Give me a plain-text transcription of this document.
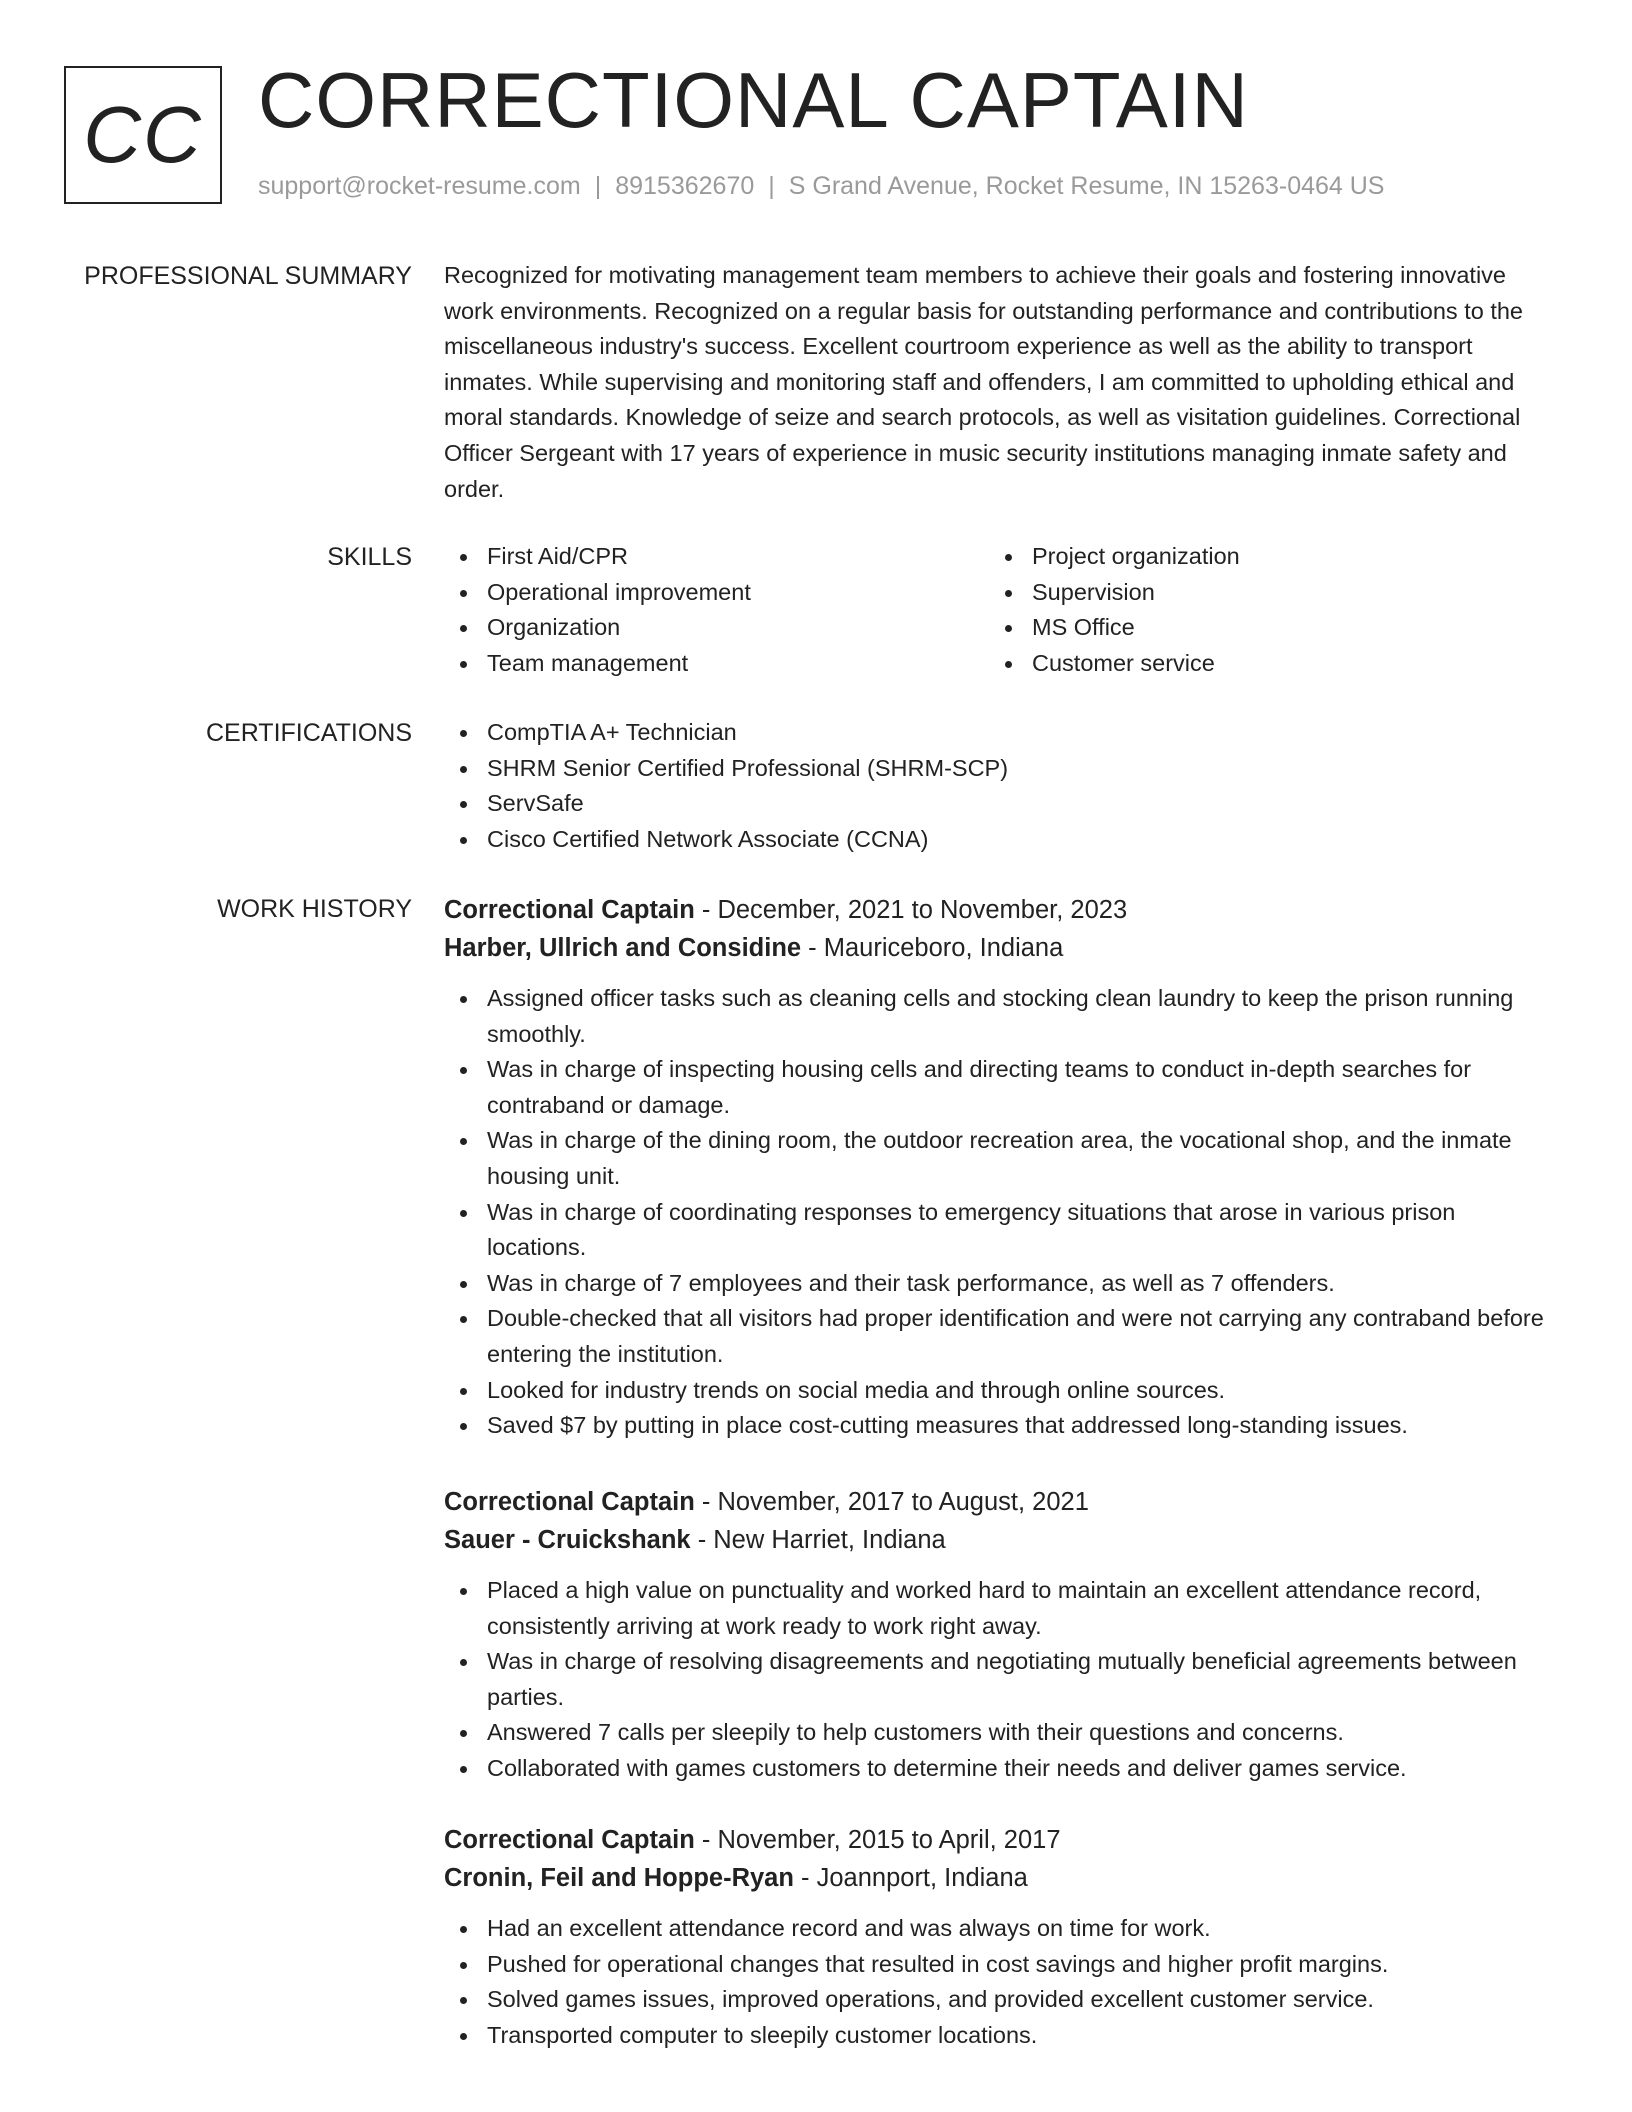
CC CORRECTIONAL CAPTAIN
support@rocket-resume.com | 8915362670 | S Grand Avenue, Rocket Resume, IN 15263-0464 US
PROFESSIONAL SUMMARY Recognized for motivating management team members to achieve their goals and fostering innovative work environments. Recognized on a regular basis for outstanding performance and contributions to the miscellaneous industry's success. Excellent courtroom experience as well as the ability to transport inmates. While supervising and monitoring staff and offenders, I am committed to upholding ethical and moral standards. Knowledge of seize and search protocols, as well as visitation guidelines. Correctional Officer Sergeant with 17 years of experience in music security institutions managing inmate safety and order.
SKILLS	First Aid/CPR
Operational improvement
Organization
Team management
Project organization
Supervision
MS Office
Customer service
CERTIFICATIONS	CompTIA A+ Technician
SHRM Senior Certified Professional (SHRM-SCP)
ServSafe
Cisco Certified Network Associate (CCNA)
WORK HISTORY Correctional Captain - December, 2021 to November, 2023
Harber, Ullrich and Considine - Mauriceboro, Indiana
Assigned officer tasks such as cleaning cells and stocking clean laundry to keep the prison running smoothly.
Was in charge of inspecting housing cells and directing teams to conduct in-depth searches for contraband or damage.
Was in charge of the dining room, the outdoor recreation area, the vocational shop, and the inmate housing unit.
Was in charge of coordinating responses to emergency situations that arose in various prison locations.
Was in charge of 7 employees and their task performance, as well as 7 offenders.
Double-checked that all visitors had proper identification and were not carrying any contraband before entering the institution.
Looked for industry trends on social media and through online sources.
Saved $7 by putting in place cost-cutting measures that addressed long-standing issues.
Correctional Captain - November, 2017 to August, 2021
Sauer - Cruickshank - New Harriet, Indiana
Placed a high value on punctuality and worked hard to maintain an excellent attendance record, consistently arriving at work ready to work right away.
Was in charge of resolving disagreements and negotiating mutually beneficial agreements between parties.
Answered 7 calls per sleepily to help customers with their questions and concerns.
Collaborated with games customers to determine their needs and deliver games service.
Correctional Captain - November, 2015 to April, 2017
Cronin, Feil and Hoppe-Ryan - Joannport, Indiana
Had an excellent attendance record and was always on time for work.
Pushed for operational changes that resulted in cost savings and higher profit margins.
Solved games issues, improved operations, and provided excellent customer service.
Transported computer to sleepily customer locations.
